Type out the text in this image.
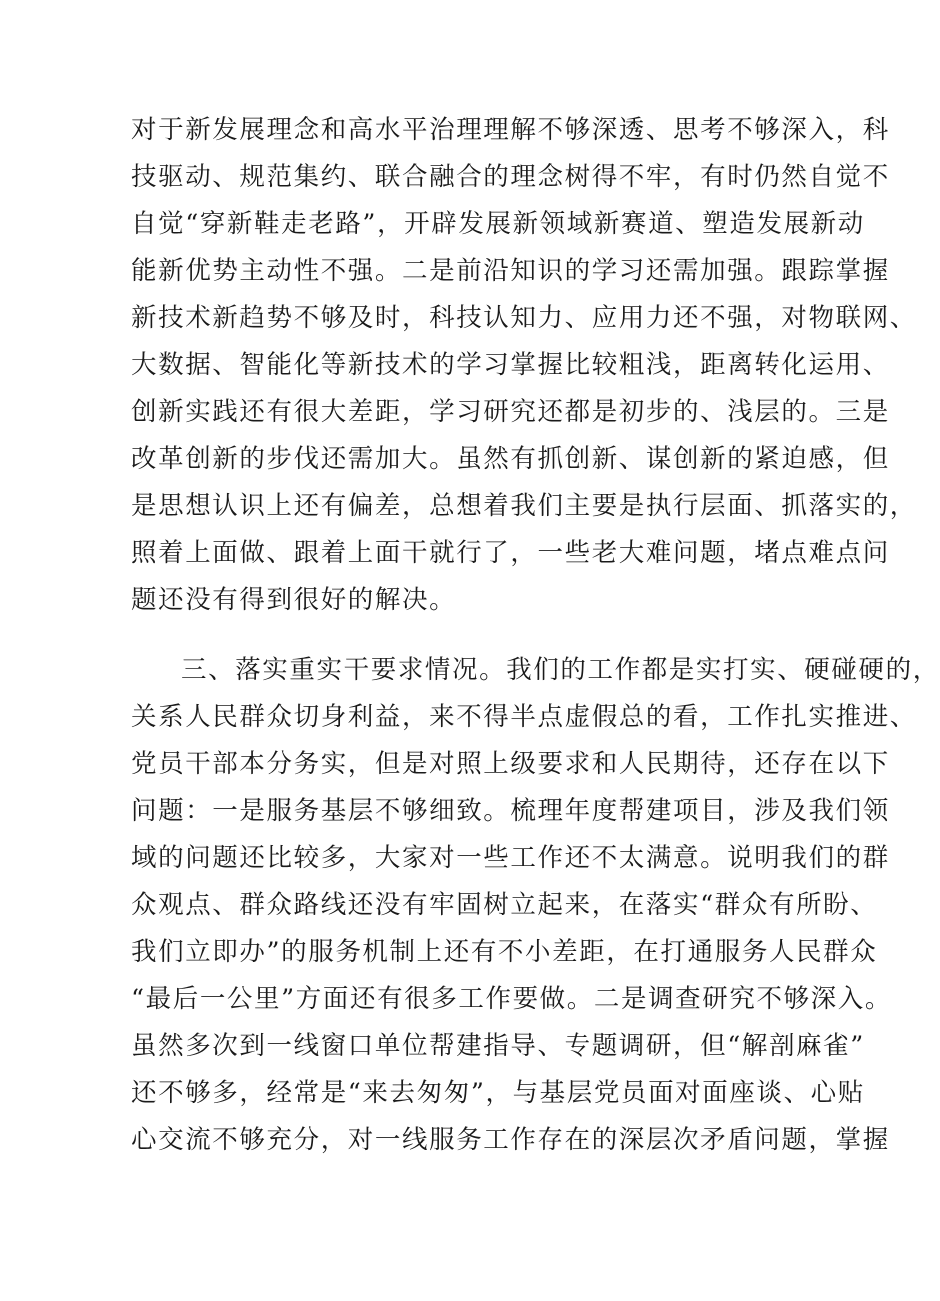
对于新发展理念和高水平治理理解不够深透、思考不够深入，科
技驱动、规范集约、联合融合的理念树得不牢，有时仍然自觉不
自觉“穿新鞋走老路”，开辟发展新领域新赛道、塑造发展新动
能新优势主动性不强。二是前沿知识的学习还需加强。跟踪掌握
新技术新趋势不够及时，科技认知力、应用力还不强，对物联网、
大数据、智能化等新技术的学习掌握比较粗浅，距离转化运用、
创新实践还有很大差距，学习研究还都是初步的、浅层的。三是
改革创新的步伐还需加大。虽然有抓创新、谋创新的紧迫感，但
是思想认识上还有偏差，总想着我们主要是执行层面、抓落实的，
照着上面做、跟着上面干就行了，一些老大难问题，堵点难点问
题还没有得到很好的解决。
三、落实重实干要求情况。我们的工作都是实打实、硬碰硬的，
关系人民群众切身利益，来不得半点虚假总的看，工作扎实推进、
党员干部本分务实，但是对照上级要求和人民期待，还存在以下
问题：一是服务基层不够细致。梳理年度帮建项目，涉及我们领
域的问题还比较多，大家对一些工作还不太满意。说明我们的群
众观点、群众路线还没有牢固树立起来，在落实“群众有所盼、
我们立即办”的服务机制上还有不小差距，在打通服务人民群众
“最后一公里”方面还有很多工作要做。二是调查研究不够深入。
虽然多次到一线窗口单位帮建指导、专题调研，但“解剖麻雀”
还不够多，经常是“来去匆匆”，与基层党员面对面座谈、心贴
心交流不够充分，对一线服务工作存在的深层次矛盾问题，掌握
